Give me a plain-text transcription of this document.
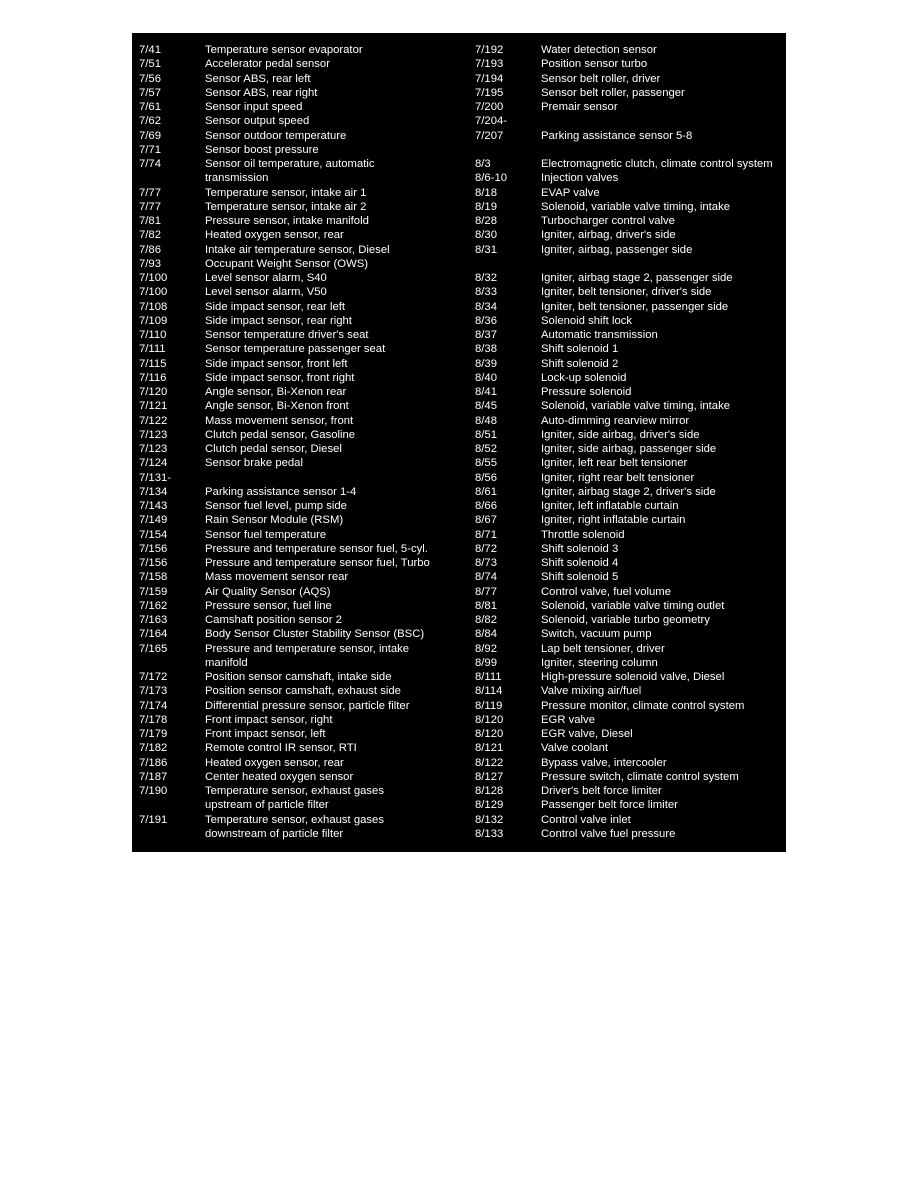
7/41	Temperature sensor evaporator
7/51	Accelerator pedal sensor
7/56	Sensor ABS, rear left
7/57	Sensor ABS, rear right
7/61	Sensor input speed
7/62	Sensor output speed
7/69	Sensor outdoor temperature
7/71	Sensor boost pressure
7/74	Sensor oil temperature, automatic
transmission
7/77	Temperature sensor, intake air 1
7/77	Temperature sensor, intake air 2
7/81	Pressure sensor, intake manifold
7/82	Heated oxygen sensor, rear
7/86	Intake air temperature sensor, Diesel
7/93	Occupant Weight Sensor (OWS)
7/100	Level sensor alarm, S40
7/100	Level sensor alarm, V50
7/108	Side impact sensor, rear left
7/109	Side impact sensor, rear right
7/110	Sensor temperature driver's seat
7/111	Sensor temperature passenger seat
7/115	Side impact sensor, front left
7/116	Side impact sensor, front right
7/120	Angle sensor, Bi-Xenon rear
7/121	Angle sensor, Bi-Xenon front
7/122	Mass movement sensor, front
7/123	Clutch pedal sensor, Gasoline
7/123	Clutch pedal sensor, Diesel
7/124	Sensor brake pedal
7/131-
7/134	Parking assistance sensor 1-4
7/143	Sensor fuel level, pump side
7/149	Rain Sensor Module (RSM)
7/154	Sensor fuel temperature
7/156	Pressure and temperature sensor fuel, 5-cyl.
7/156	Pressure and temperature sensor fuel, Turbo
7/158	Mass movement sensor rear
7/159	Air Quality Sensor (AQS)
7/162	Pressure sensor, fuel line
7/163	Camshaft position sensor 2
7/164	Body Sensor Cluster Stability Sensor (BSC)
7/165	Pressure and temperature sensor, intake
manifold
7/172	Position sensor camshaft, intake side
7/173	Position sensor camshaft, exhaust side
7/174	Differential pressure sensor, particle filter
7/178	Front impact sensor, right
7/179	Front impact sensor, left
7/182	Remote control IR sensor, RTI
7/186	Heated oxygen sensor, rear
7/187	Center heated oxygen sensor
7/190	Temperature sensor, exhaust gases
upstream of particle filter
7/191	Temperature sensor, exhaust gases
downstream of particle filter
7/192	Water detection sensor
7/193	Position sensor turbo
7/194	Sensor belt roller, driver
7/195	Sensor belt roller, passenger
7/200	Premair sensor
7/204-
7/207	Parking assistance sensor 5-8
8/3	Electromagnetic clutch, climate control system
8/6-10	Injection valves
8/18	EVAP valve
8/19	Solenoid, variable valve timing, intake
8/28	Turbocharger control valve
8/30	Igniter, airbag, driver's side
8/31	Igniter, airbag, passenger side
8/32	Igniter, airbag stage 2, passenger side
8/33	Igniter, belt tensioner, driver's side
8/34	Igniter, belt tensioner, passenger side
8/36	Solenoid shift lock
8/37	Automatic transmission
8/38	Shift solenoid 1
8/39	Shift solenoid 2
8/40	Lock-up solenoid
8/41	Pressure solenoid
8/45	Solenoid, variable valve timing, intake
8/48	Auto-dimming rearview mirror
8/51	Igniter, side airbag, driver's side
8/52	Igniter, side airbag, passenger side
8/55	Igniter, left rear belt tensioner
8/56	Igniter, right rear belt tensioner
8/61	Igniter, airbag stage 2, driver's side
8/66	Igniter, left inflatable curtain
8/67	Igniter, right inflatable curtain
8/71	Throttle solenoid
8/72	Shift solenoid 3
8/73	Shift solenoid 4
8/74	Shift solenoid 5
8/77	Control valve, fuel volume
8/81	Solenoid, variable valve timing outlet
8/82	Solenoid, variable turbo geometry
8/84	Switch, vacuum pump
8/92	Lap belt tensioner, driver
8/99	Igniter, steering column
8/111	High-pressure solenoid valve, Diesel
8/114	Valve mixing air/fuel
8/119	Pressure monitor, climate control system
8/120	EGR valve
8/120	EGR valve, Diesel
8/121	Valve coolant
8/122	Bypass valve, intercooler
8/127	Pressure switch, climate control system
8/128	Driver's belt force limiter
8/129	Passenger belt force limiter
8/132	Control valve inlet
8/133	Control valve fuel pressure
